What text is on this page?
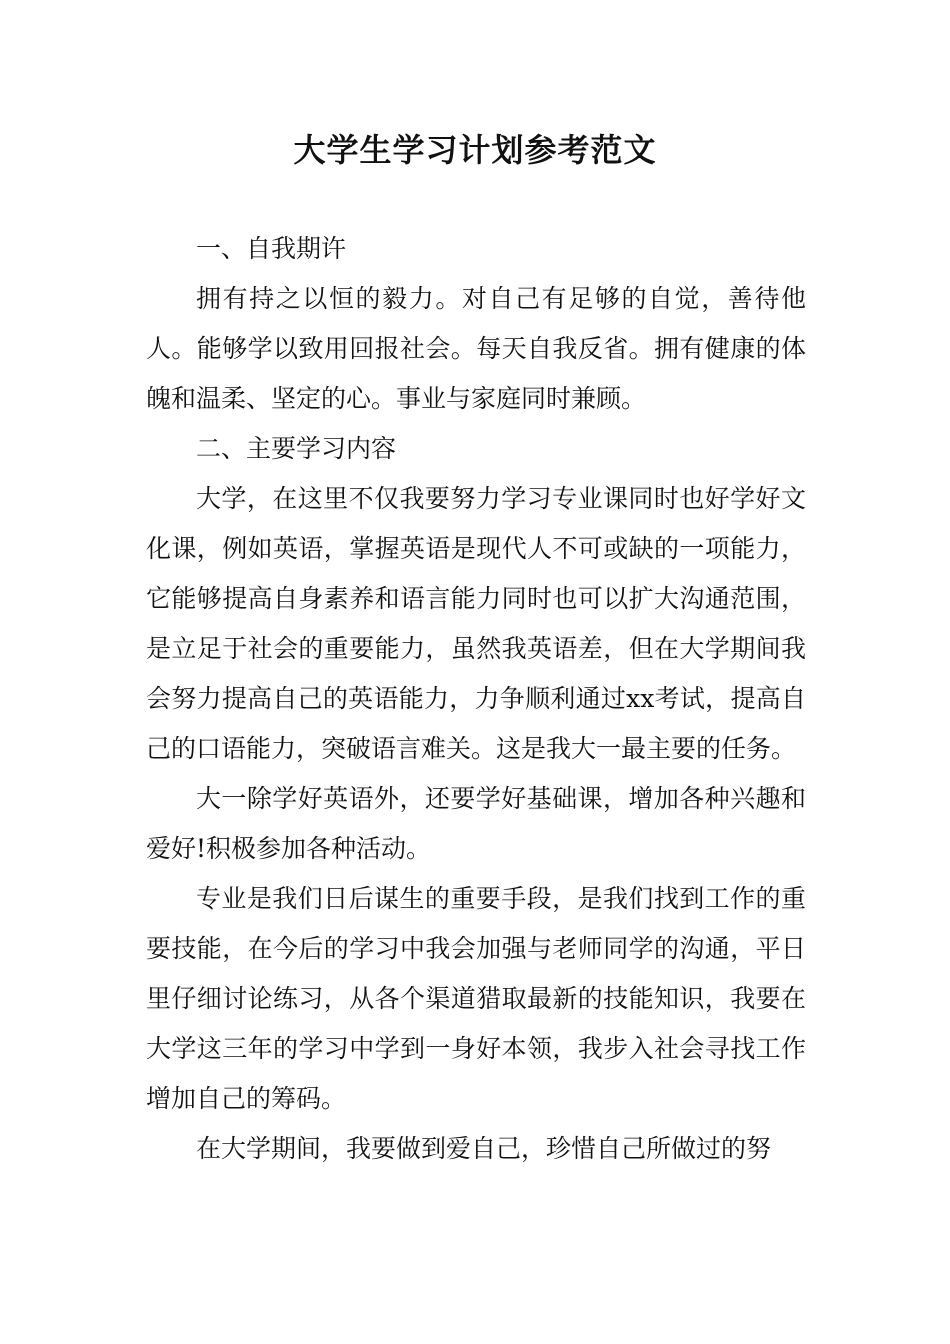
大学生学习计划参考范文

一、自我期许

拥有持之以恒的毅力。对自己有足够的自觉，善待他人。能够学以致用回报社会。每天自我反省。拥有健康的体魄和温柔、坚定的心。事业与家庭同时兼顾。

二、主要学习内容

大学，在这里不仅我要努力学习专业课同时也好学好文化课，例如英语，掌握英语是现代人不可或缺的一项能力，它能够提高自身素养和语言能力同时也可以扩大沟通范围，是立足于社会的重要能力，虽然我英语差，但在大学期间我会努力提高自己的英语能力，力争顺利通过xx考试，提高自己的口语能力，突破语言难关。这是我大一最主要的任务。

大一除学好英语外，还要学好基础课，增加各种兴趣和爱好!积极参加各种活动。

专业是我们日后谋生的重要手段，是我们找到工作的重要技能，在今后的学习中我会加强与老师同学的沟通，平日里仔细讨论练习，从各个渠道猎取最新的技能知识，我要在大学这三年的学习中学到一身好本领，我步入社会寻找工作增加自己的筹码。

在大学期间，我要做到爱自己，珍惜自己所做过的努
